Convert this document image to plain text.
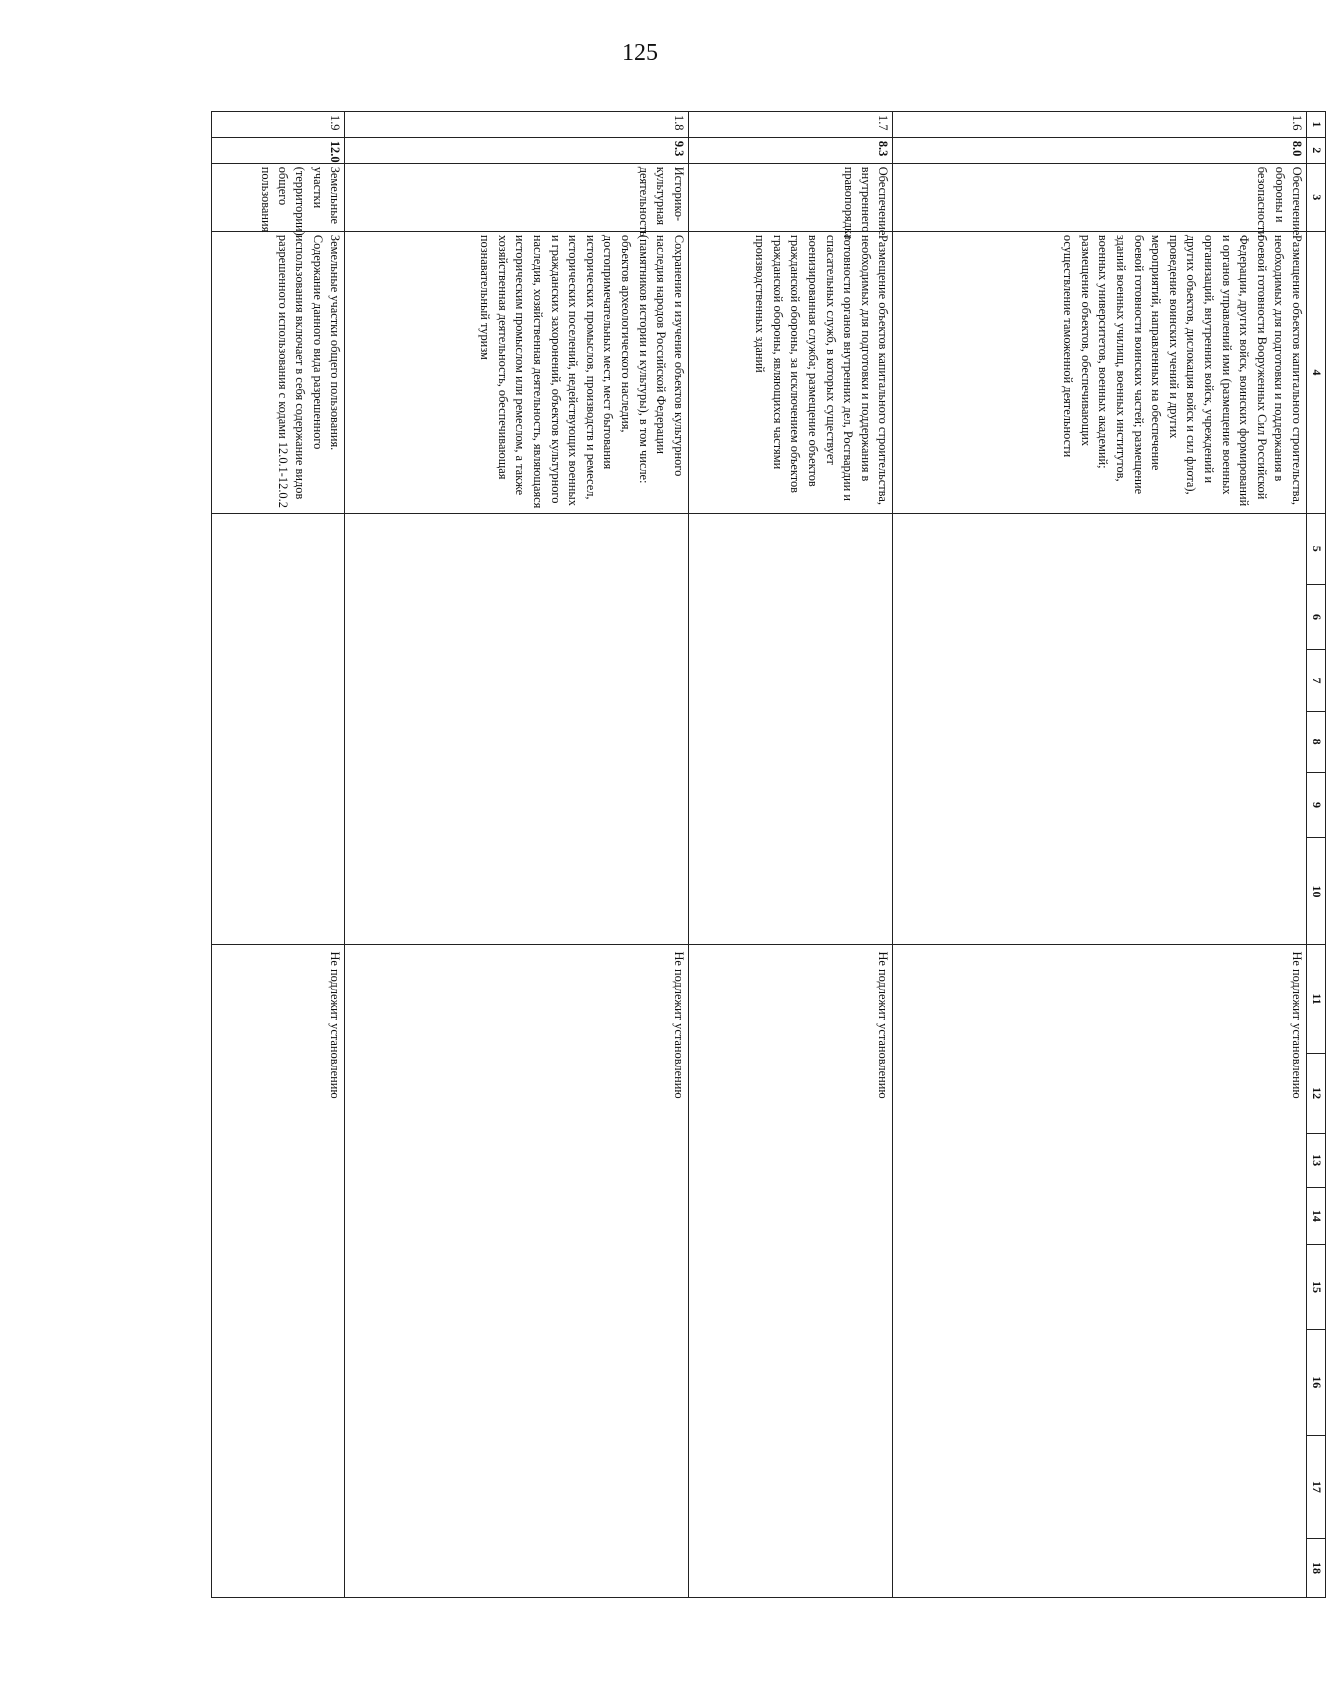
125
1	2	3	4	5	6	7	8	9	10	11	12	13	14	15	16	17	18
1.6	8.0	Обеспечение обороны и безопасности	Размещение объектов капитального строительства, необходимых для подготовки и поддержания в боевой готовности Вооруженных Сил Российской Федерации, других войск, воинских формирований и органов управлений ими (размещение военных организаций, внутренних войск, учреждений и других объектов, дислокация войск и сил флота), проведение воинских учений и других мероприятий, направленных на обеспечение боевой готовности воинских частей; размещение зданий военных училищ, военных институтов, военных университетов, военных академий; размещение объектов, обеспечивающих осуществление таможенной деятельности							Не подлежит установлению							
1.7	8.3	Обеспечение внутреннего правопорядка	Размещение объектов капитального строительства, необходимых для подготовки и поддержания в готовности органов внутренних дел, Росгвардии и спасательных служб, в которых существует военизированная служба; размещение объектов гражданской обороны, за исключением объектов гражданской обороны, являющихся частями производственных зданий							Не подлежит установлению							
1.8	9.3	Историко-культурная деятельность	Сохранение и изучение объектов культурного наследия народов Российской Федерации (памятников истории и культуры), в том числе: объектов археологического наследия, достопримечательных мест, мест бытования исторических промыслов, производств и ремесел, исторических поселений, недействующих военных и гражданских захоронений, объектов культурного наследия, хозяйственная деятельность, являющаяся историческим промыслом или ремеслом, а также хозяйственная деятельность, обеспечивающая познавательный туризм							Не подлежит установлению							
1.9	12.0	Земельные участки (территории) общего пользования	Земельные участки общего пользования. Содержание данного вида разрешенного использования включает в себя содержание видов разрешенного использования с кодами 12.0.1-12.0.2							Не подлежит установлению							
